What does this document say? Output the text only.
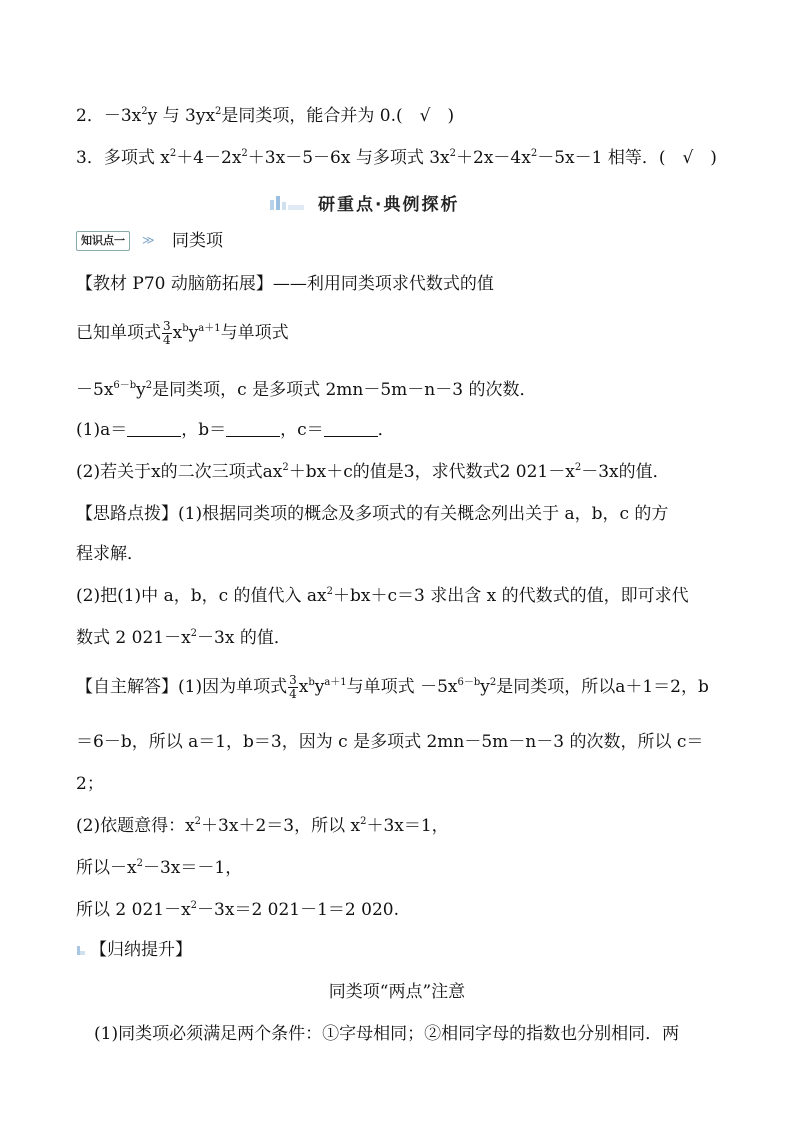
2．$-3x^2y$ 与 $3yx^2$是同类项，能合并为 0.(　√　)
3．多项式 $x^2+4-2x^2+3x-5-6x$ 与多项式 $3x^2+2x-4x^2-5x-1$ 相等．(　√　)
研重点·典例探析
知识点一	≫ 同类项
【教材 P70 动脑筋拓展】——利用同类项求代数式的值
已知单项式 $\frac{3}{4} x^by^{a+1}$与单项式
$-5x^{6-b}y^2$是同类项，c 是多项式 2mn－5m－n－3 的次数．
(1)a＝	，b＝	，c＝	．
(2)若关于x的二次三项式$ax^2+bx+c$的值是3，求代数式2 $021-x^2-3x$的值．
【思路点拨】(1)根据同类项的概念及多项式的有关概念列出关于 a，b，c 的方
程求解．
(2)把(1)中 a，b，c 的值代入 $ax^2+bx+c=3$ 求出含 x 的代数式的值，即可求代
数式 2 $021-x^2-3x$ 的值．
【自主解答】(1)因为单项式 $\frac{3}{4} x^by^{a+1}$与单项式 $-5x^{6-b}y^2$是同类项，所以a＋1＝2，b
＝6－b，所以 a＝1，b＝3，因为 c 是多项式 2mn－5m－n－3 的次数，所以 c＝
2；
(2)依题意得：$x^2+3x+2=3$，所以 $x^2+3x=1$，
所以$-x^2-3x=-1$，
所以 2 $021-x^2-3x=2$ 021－1＝2 020.
【归纳提升】
同类项“两点”注意
(1)同类项必须满足两个条件：①字母相同；②相同字母的指数也分别相同．两
